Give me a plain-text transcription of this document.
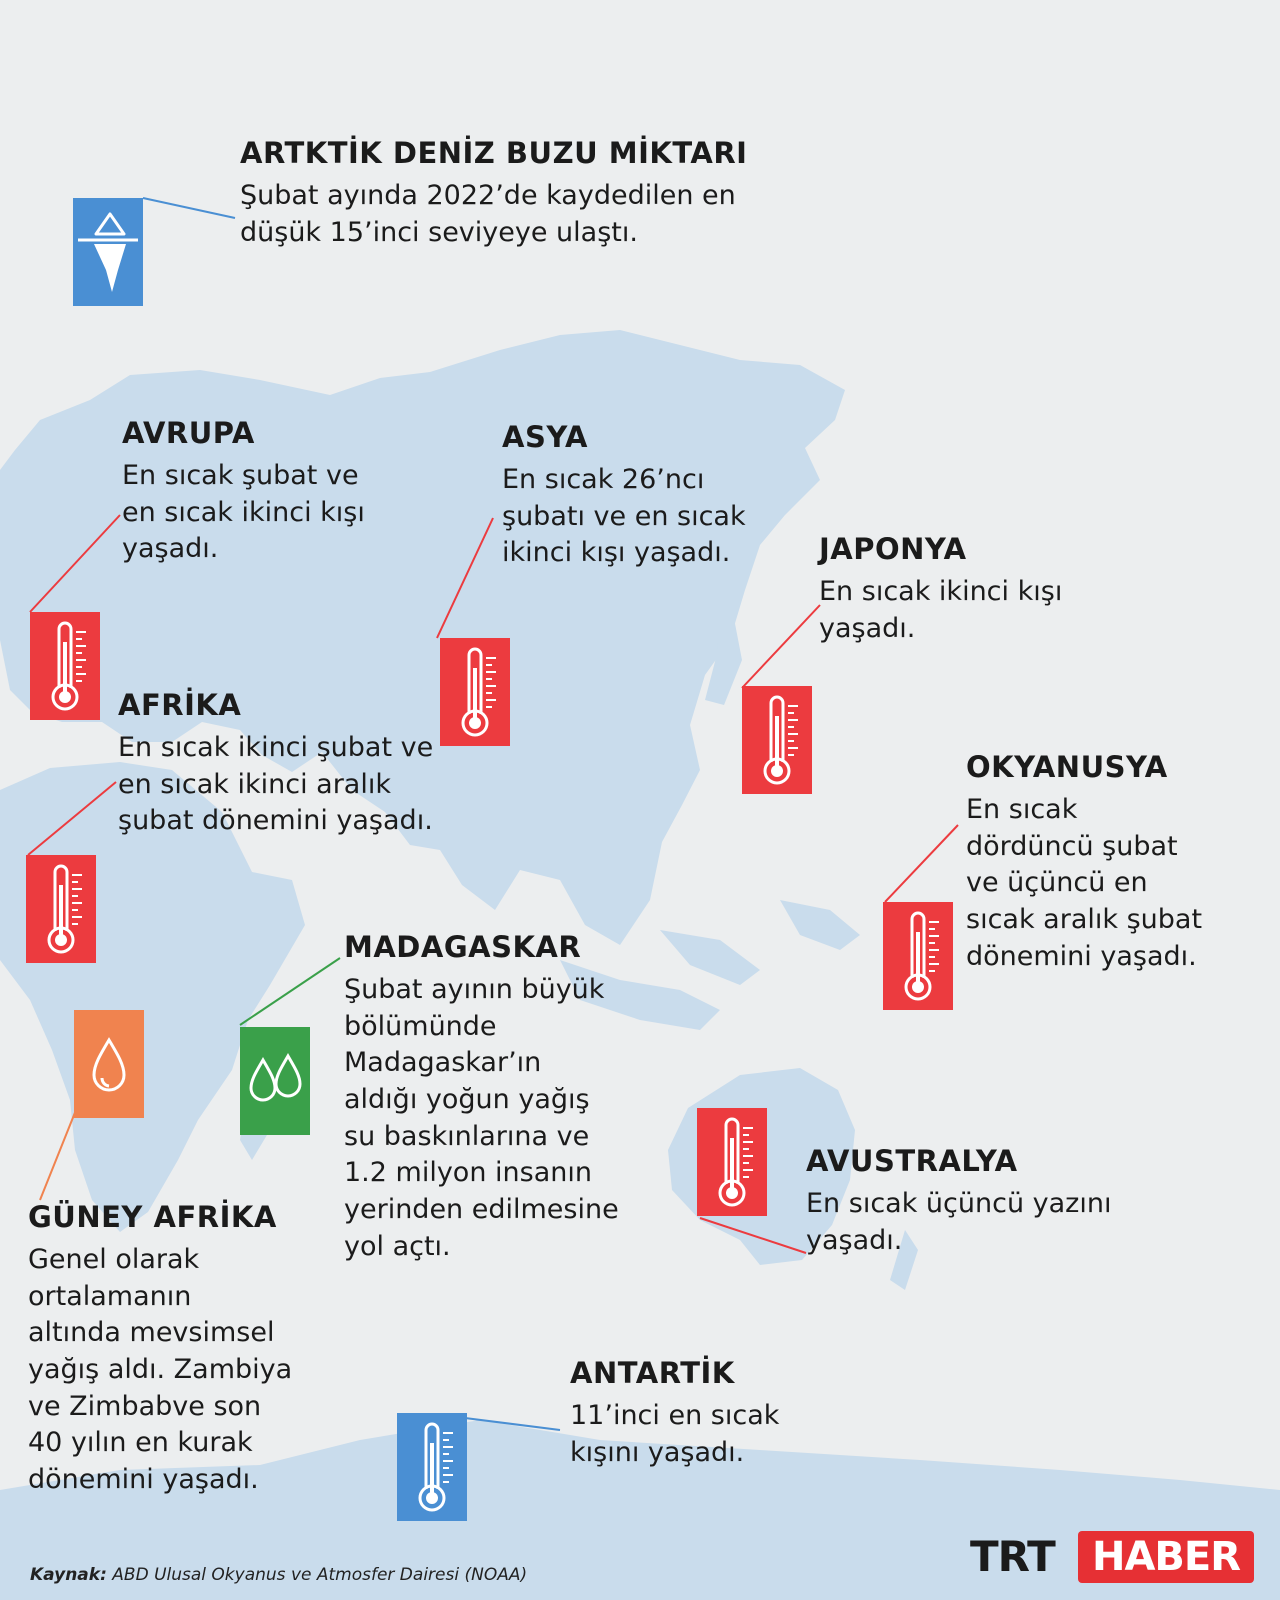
ARTKTİK DENİZ BUZU MİKTARI

Şubat ayında 2022’de kaydedilen en
düşük 15’inci seviyeye ulaştı.

AVRUPA

En sıcak şubat ve
en sıcak ikinci kışı
yaşadı.

ASYA

En sıcak 26’ncı
şubatı ve en sıcak
ikinci kışı yaşadı.	JAPONYA

En sıcak ikinci kışı
yaşadı.

AFRİKA

En sıcak ikinci şubat ve
en sıcak ikinci aralık
şubat dönemini yaşadı.

OKYANUSYA

En sıcak
dördüncü şubat
ve üçüncü en
sıcak aralık şubat
dönemini yaşadı.

MADAGASKAR

Şubat ayının büyük
bölümünde
Madagaskar’ın
aldığı yoğun yağış
su baskınlarına ve
1.2 milyon insanın
yerinden edilmesine
yol açtı.

GÜNEY AFRİKA

Genel olarak
ortalamanın
altında mevsimsel
yağış aldı. Zambiya
ve Zimbabve son
40 yılın en kurak
dönemini yaşadı.

AVUSTRALYA

En sıcak üçüncü yazını
yaşadı.

ANTARTİK

11’inci en sıcak
kışını yaşadı.

Kaynak: ABD Ulusal Okyanus ve Atmosfer Dairesi (NOAA)	TRT HABER
